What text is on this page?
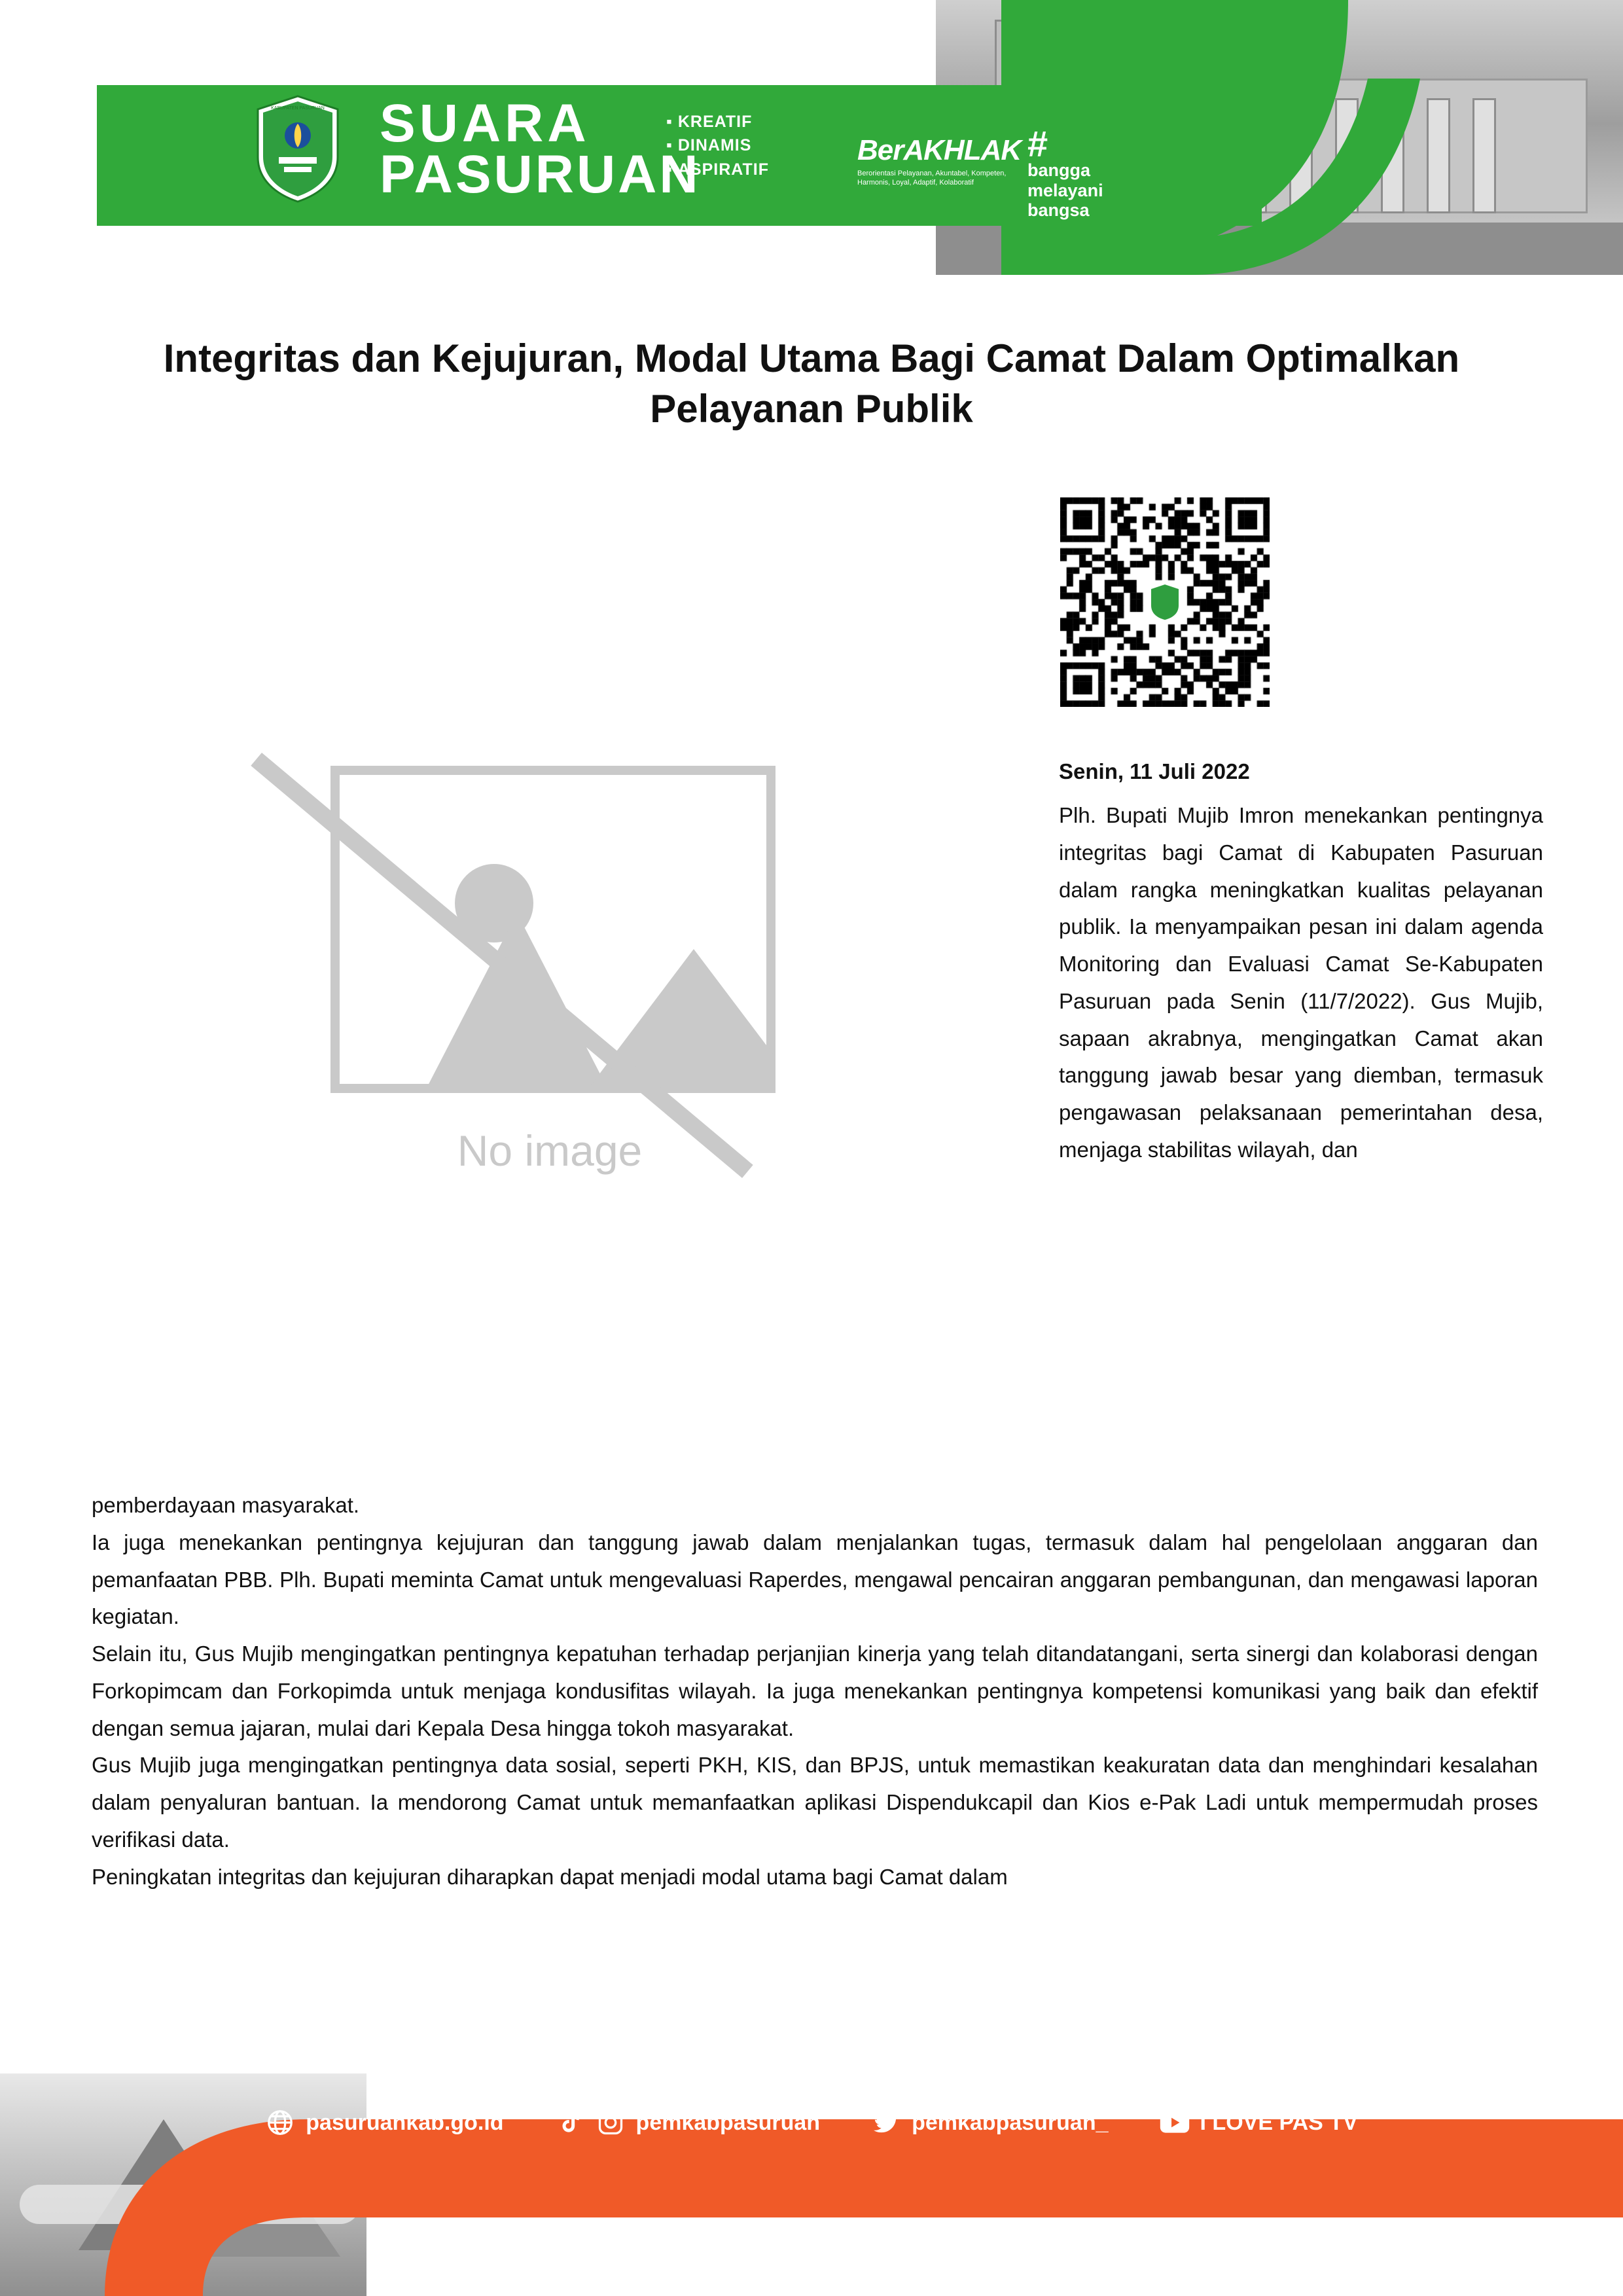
KABUPATEN PASURUAN SUARA
PASURUAN
▪ KREATIF
▪ DINAMIS
▪ ASPIRATIF
BerAKHLAK
Berorientasi Pelayanan, Akuntabel, Kompeten, Harmonis, Loyal, Adaptif, Kolaboratif
#
bangga
melayani
bangsa
Integritas dan Kejujuran, Modal Utama Bagi Camat Dalam Optimalkan Pelayanan Publik
No image
Senin, 11 Juli 2022
Plh. Bupati Mujib Imron menekankan pentingnya integritas bagi Camat di Kabupaten Pasuruan dalam rangka meningkatkan kualitas pelayanan publik. Ia menyampaikan pesan ini dalam agenda Monitoring dan Evaluasi Camat Se-Kabupaten Pasuruan pada Senin (11/7/2022). Gus Mujib, sapaan akrabnya, mengingatkan Camat akan tanggung jawab besar yang diemban, termasuk pengawasan pelaksanaan pemerintahan desa, menjaga stabilitas wilayah, dan

pemberdayaan masyarakat.

Ia juga menekankan pentingnya kejujuran dan tanggung jawab dalam menjalankan tugas, termasuk dalam hal pengelolaan anggaran dan pemanfaatan PBB. Plh. Bupati meminta Camat untuk mengevaluasi Raperdes, mengawal pencairan anggaran pembangunan, dan mengawasi laporan kegiatan.

Selain itu, Gus Mujib mengingatkan pentingnya kepatuhan terhadap perjanjian kinerja yang telah ditandatangani, serta sinergi dan kolaborasi dengan Forkopimcam dan Forkopimda untuk menjaga kondusifitas wilayah. Ia juga menekankan pentingnya kompetensi komunikasi yang baik dan efektif dengan semua jajaran, mulai dari Kepala Desa hingga tokoh masyarakat.

Gus Mujib juga mengingatkan pentingnya data sosial, seperti PKH, KIS, dan BPJS, untuk memastikan keakuratan data dan menghindari kesalahan dalam penyaluran bantuan. Ia mendorong Camat untuk memanfaatkan aplikasi Dispendukcapil dan Kios e-Pak Ladi untuk mempermudah proses verifikasi data.

Peningkatan integritas dan kejujuran diharapkan dapat menjadi modal utama bagi Camat dalam

pasuruankab.go.id	pemkabpasuruan	pemkabpasuruan_	I LOVE PAS TV
